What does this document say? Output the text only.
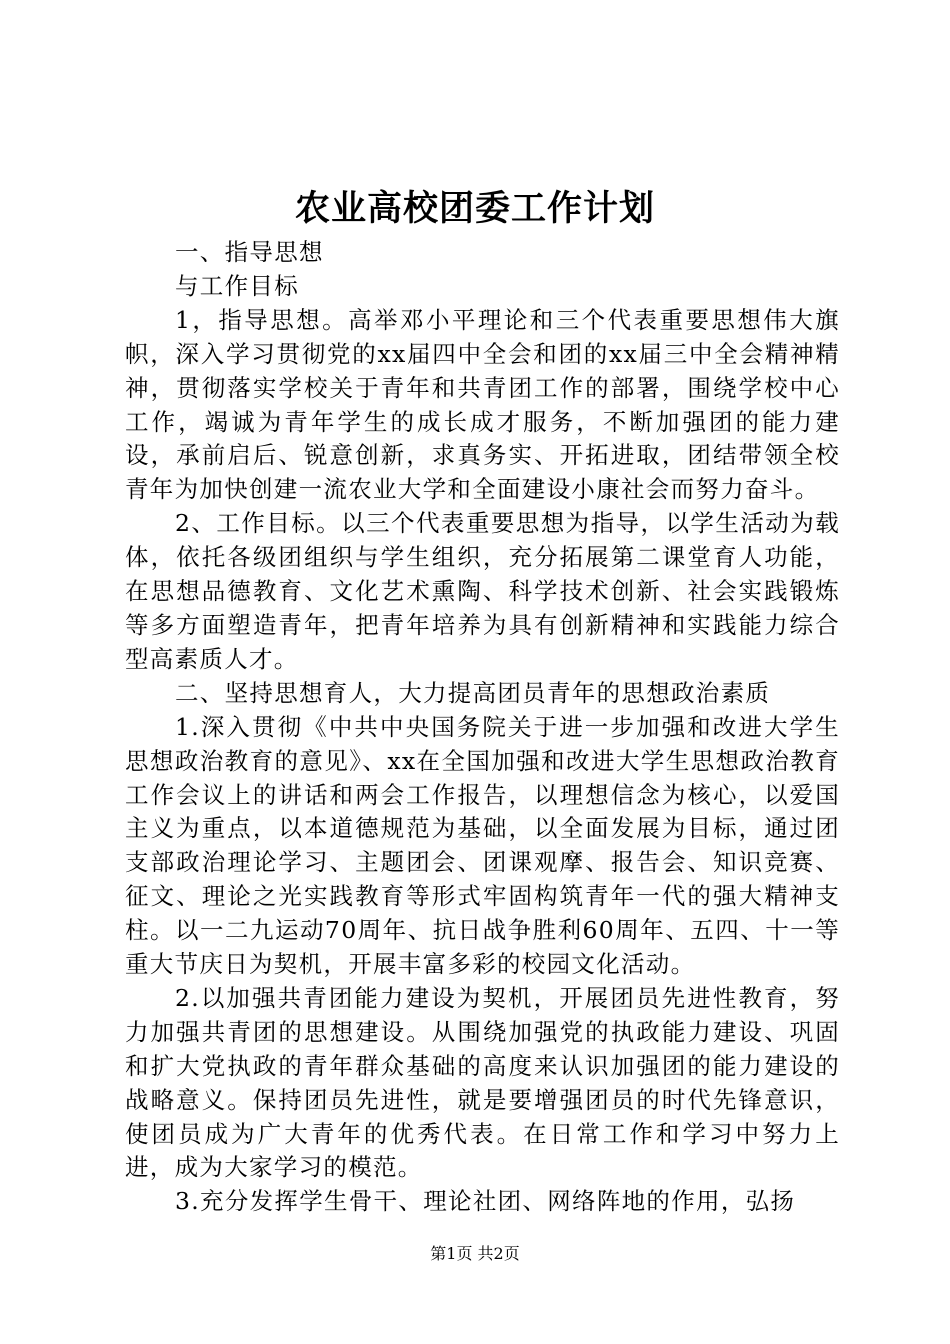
农业高校团委工作计划

一、指导思想

与工作目标

1，指导思想。高举邓小平理论和三个代表重要思想伟大旗帜，深入学习贯彻党的xx届四中全会和团的xx届三中全会精神精神，贯彻落实学校关于青年和共青团工作的部署，围绕学校中心工作，竭诚为青年学生的成长成才服务，不断加强团的能力建设，承前启后、锐意创新，求真务实、开拓进取，团结带领全校青年为加快创建一流农业大学和全面建设小康社会而努力奋斗。

2、工作目标。以三个代表重要思想为指导，以学生活动为载体，依托各级团组织与学生组织，充分拓展第二课堂育人功能，在思想品德教育、文化艺术熏陶、科学技术创新、社会实践锻炼等多方面塑造青年，把青年培养为具有创新精神和实践能力综合型高素质人才。

二、坚持思想育人，大力提高团员青年的思想政治素质

1.深入贯彻《中共中央国务院关于进一步加强和改进大学生思想政治教育的意见》、xx在全国加强和改进大学生思想政治教育工作会议上的讲话和两会工作报告，以理想信念为核心，以爱国主义为重点，以本道德规范为基础，以全面发展为目标，通过团支部政治理论学习、主题团会、团课观摩、报告会、知识竞赛、征文、理论之光实践教育等形式牢固构筑青年一代的强大精神支柱。以一二九运动70周年、抗日战争胜利60周年、五四、十一等重大节庆日为契机，开展丰富多彩的校园文化活动。

2.以加强共青团能力建设为契机，开展团员先进性教育，努力加强共青团的思想建设。从围绕加强党的执政能力建设、巩固和扩大党执政的青年群众基础的高度来认识加强团的能力建设的战略意义。保持团员先进性，就是要增强团员的时代先锋意识，使团员成为广大青年的优秀代表。在日常工作和学习中努力上进，成为大家学习的模范。

3.充分发挥学生骨干、理论社团、网络阵地的作用，弘扬

第1页 共2页
